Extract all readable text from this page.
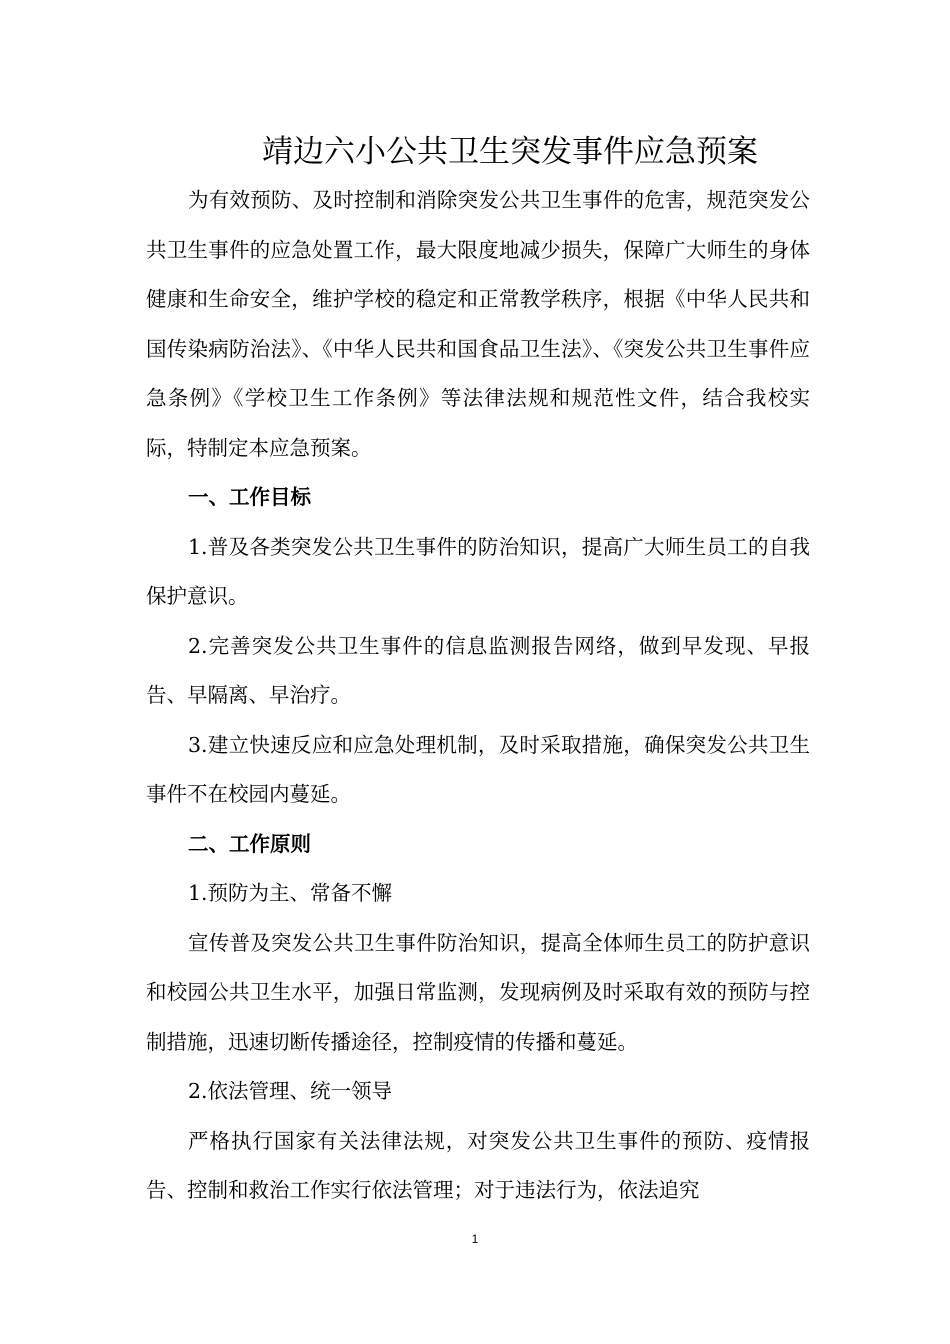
靖边六小公共卫生突发事件应急预案

为有效预防、及时控制和消除突发公共卫生事件的危害，规范突发公共卫生事件的应急处置工作，最大限度地减少损失，保障广大师生的身体健康和生命安全，维护学校的稳定和正常教学秩序，根据《中华人民共和国传染病防治法》、《中华人民共和国食品卫生法》、《突发公共卫生事件应急条例》《学校卫生工作条例》等法律法规和规范性文件，结合我校实际，特制定本应急预案。

一、工作目标

1.普及各类突发公共卫生事件的防治知识，提高广大师生员工的自我保护意识。

2.完善突发公共卫生事件的信息监测报告网络，做到早发现、早报告、早隔离、早治疗。

3.建立快速反应和应急处理机制，及时采取措施，确保突发公共卫生事件不在校园内蔓延。

二、工作原则

1.预防为主、常备不懈

宣传普及突发公共卫生事件防治知识，提高全体师生员工的防护意识和校园公共卫生水平，加强日常监测，发现病例及时采取有效的预防与控制措施，迅速切断传播途径，控制疫情的传播和蔓延。

2.依法管理、统一领导

严格执行国家有关法律法规，对突发公共卫生事件的预防、疫情报告、控制和救治工作实行依法管理；对于违法行为，依法追究

1
